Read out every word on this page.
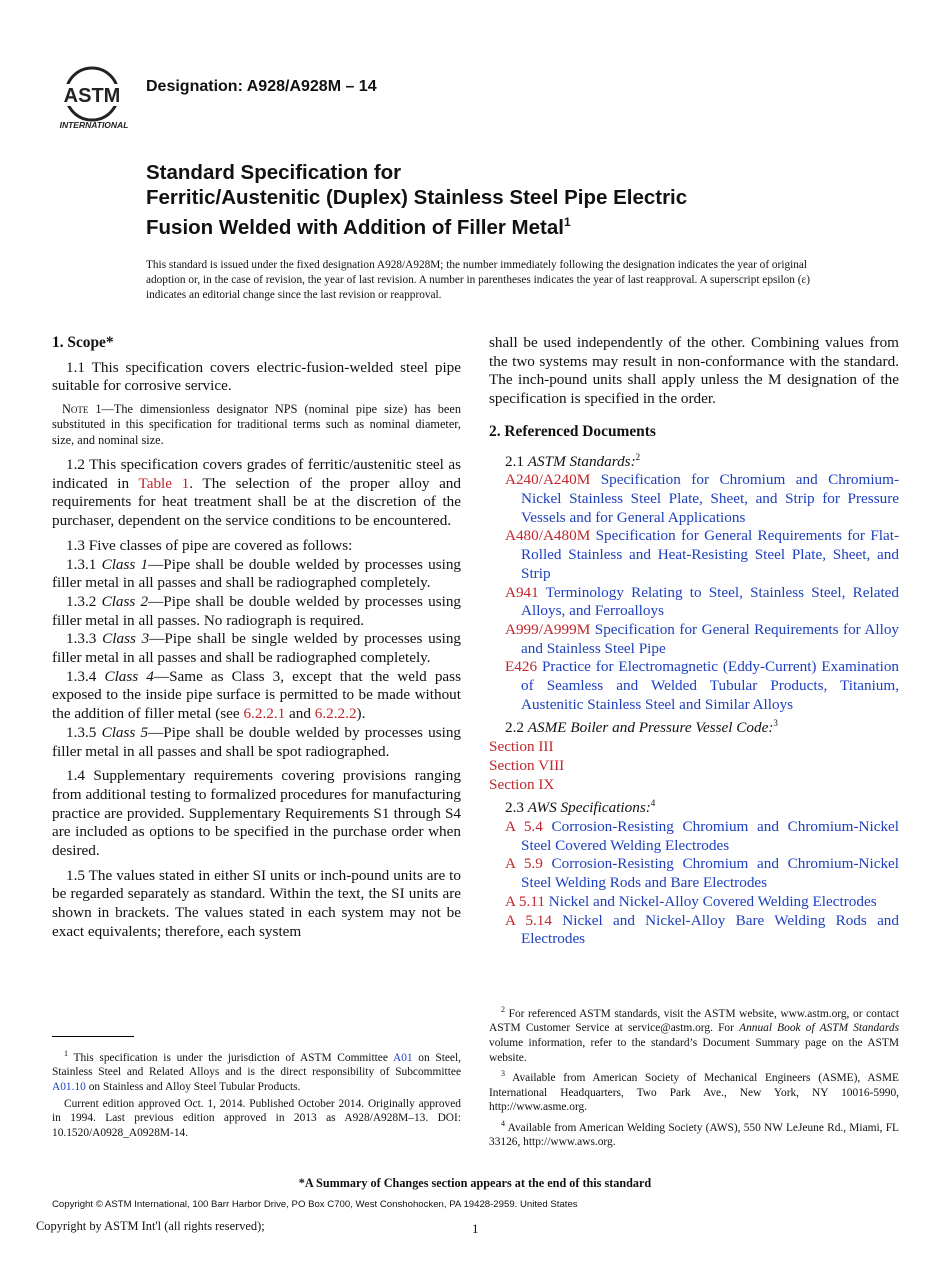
ASTM
INTERNATIONAL
Designation: A928/A928M – 14
Standard Specification for
Ferritic/Austenitic (Duplex) Stainless Steel Pipe Electric
Fusion Welded with Addition of Filler Metal$^1$
This standard is issued under the fixed designation A928/A928M; the number immediately following the designation indicates the year of original adoption or, in the case of revision, the year of last revision. A number in parentheses indicates the year of last reapproval. A superscript epsilon (ε) indicates an editorial change since the last revision or reapproval.
1. Scope*
1.1 This specification covers electric-fusion-welded steel pipe suitable for corrosive service.
Note 1—The dimensionless designator NPS (nominal pipe size) has been substituted in this specification for traditional terms such as nominal diameter, size, and nominal size.
1.2 This specification covers grades of ferritic/austenitic steel as indicated in Table 1. The selection of the proper alloy and requirements for heat treatment shall be at the discretion of the purchaser, dependent on the service conditions to be encountered.
1.3 Five classes of pipe are covered as follows:
1.3.1 Class 1—Pipe shall be double welded by processes using filler metal in all passes and shall be radiographed completely.
1.3.2 Class 2—Pipe shall be double welded by processes using filler metal in all passes. No radiograph is required.
1.3.3 Class 3—Pipe shall be single welded by processes using filler metal in all passes and shall be radiographed completely.
1.3.4 Class 4—Same as Class 3, except that the weld pass exposed to the inside pipe surface is permitted to be made without the addition of filler metal (see 6.2.2.1 and 6.2.2.2).
1.3.5 Class 5—Pipe shall be double welded by processes using filler metal in all passes and shall be spot radiographed.
1.4 Supplementary requirements covering provisions ranging from additional testing to formalized procedures for manufacturing practice are provided. Supplementary Requirements S1 through S4 are included as options to be specified in the purchase order when desired.
1.5 The values stated in either SI units or inch-pound units are to be regarded separately as standard. Within the text, the SI units are shown in brackets. The values stated in each system may not be exact equivalents; therefore, each system
shall be used independently of the other. Combining values from the two systems may result in non-conformance with the standard. The inch-pound units shall apply unless the M designation of the specification is specified in the order.
2. Referenced Documents
2.1 ASTM Standards:$^2$
A240/A240M Specification for Chromium and Chromium-Nickel Stainless Steel Plate, Sheet, and Strip for Pressure Vessels and for General Applications
A480/A480M Specification for General Requirements for Flat-Rolled Stainless and Heat-Resisting Steel Plate, Sheet, and Strip
A941 Terminology Relating to Steel, Stainless Steel, Related Alloys, and Ferroalloys
A999/A999M Specification for General Requirements for Alloy and Stainless Steel Pipe
E426 Practice for Electromagnetic (Eddy-Current) Examination of Seamless and Welded Tubular Products, Titanium, Austenitic Stainless Steel and Similar Alloys
2.2 ASME Boiler and Pressure Vessel Code:$^3$
Section III
Section VIII
Section IX
2.3 AWS Specifications:$^4$
A 5.4 Corrosion-Resisting Chromium and Chromium-Nickel Steel Covered Welding Electrodes
A 5.9 Corrosion-Resisting Chromium and Chromium-Nickel Steel Welding Rods and Bare Electrodes
A 5.11 Nickel and Nickel-Alloy Covered Welding Electrodes
A 5.14 Nickel and Nickel-Alloy Bare Welding Rods and Electrodes
$^1$ This specification is under the jurisdiction of ASTM Committee A01 on Steel, Stainless Steel and Related Alloys and is the direct responsibility of Subcommittee A01.10 on Stainless and Alloy Steel Tubular Products.
Current edition approved Oct. 1, 2014. Published October 2014. Originally approved in 1994. Last previous edition approved in 2013 as A928/A928M–13. DOI: 10.1520/A0928_A0928M-14.
$^2$ For referenced ASTM standards, visit the ASTM website, www.astm.org, or contact ASTM Customer Service at service@astm.org. For Annual Book of ASTM Standards volume information, refer to the standard’s Document Summary page on the ASTM website.
$^3$ Available from American Society of Mechanical Engineers (ASME), ASME International Headquarters, Two Park Ave., New York, NY 10016-5990, http://www.asme.org.
$^4$ Available from American Welding Society (AWS), 550 NW LeJeune Rd., Miami, FL 33126, http://www.aws.org.
*A Summary of Changes section appears at the end of this standard
Copyright © ASTM International, 100 Barr Harbor Drive, PO Box C700, West Conshohocken, PA 19428-2959. United States
Copyright by ASTM Int'l (all rights reserved);	1
